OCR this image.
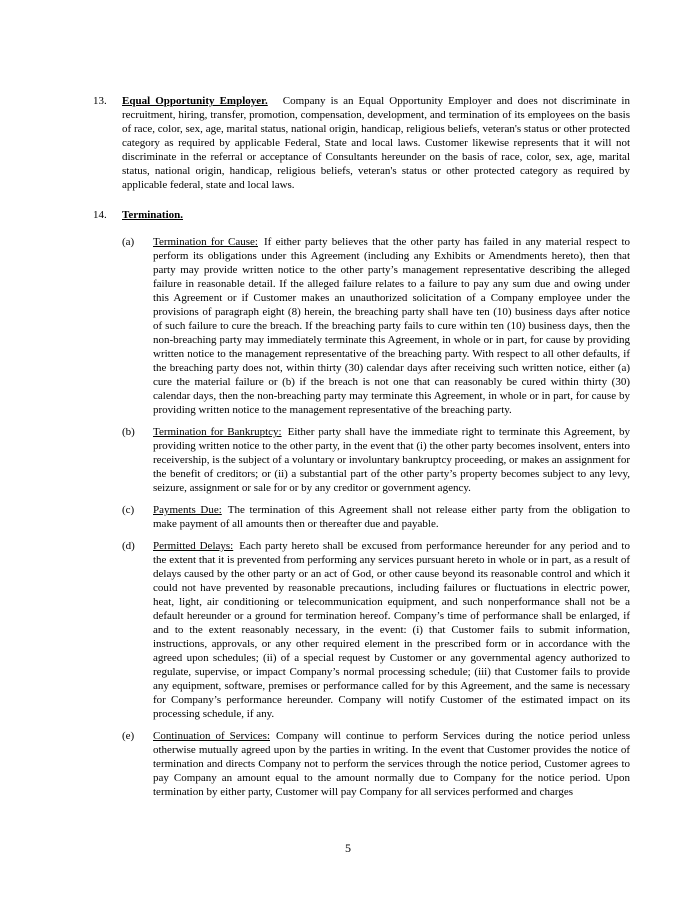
13.	Equal Opportunity Employer. Company is an Equal Opportunity Employer and does not discriminate in recruitment, hiring, transfer, promotion, compensation, development, and termination of its employees on the basis of race, color, sex, age, marital status, national origin, handicap, religious beliefs, veteran's status or other protected category as required by applicable Federal, State and local laws. Customer likewise represents that it will not discriminate in the referral or acceptance of Consultants hereunder on the basis of race, color, sex, age, marital status, national origin, handicap, religious beliefs, veteran's status or other protected category as required by applicable federal, state and local laws.
14.	Termination.
(a)	Termination for Cause: If either party believes that the other party has failed in any material respect to perform its obligations under this Agreement (including any Exhibits or Amendments hereto), then that party may provide written notice to the other party’s management representative describing the alleged failure in reasonable detail. If the alleged failure relates to a failure to pay any sum due and owing under this Agreement or if Customer makes an unauthorized solicitation of a Company employee under the provisions of paragraph eight (8) herein, the breaching party shall have ten (10) business days after notice of such failure to cure the breach. If the breaching party fails to cure within ten (10) business days, then the non-breaching party may immediately terminate this Agreement, in whole or in part, for cause by providing written notice to the management representative of the breaching party. With respect to all other defaults, if the breaching party does not, within thirty (30) calendar days after receiving such written notice, either (a) cure the material failure or (b) if the breach is not one that can reasonably be cured within thirty (30) calendar days, then the non-breaching party may terminate this Agreement, in whole or in part, for cause by providing written notice to the management representative of the breaching party.
(b)	Termination for Bankruptcy: Either party shall have the immediate right to terminate this Agreement, by providing written notice to the other party, in the event that (i) the other party becomes insolvent, enters into receivership, is the subject of a voluntary or involuntary bankruptcy proceeding, or makes an assignment for the benefit of creditors; or (ii) a substantial part of the other party’s property becomes subject to any levy, seizure, assignment or sale for or by any creditor or government agency.
(c)	Payments Due: The termination of this Agreement shall not release either party from the obligation to make payment of all amounts then or thereafter due and payable.
(d)	Permitted Delays: Each party hereto shall be excused from performance hereunder for any period and to the extent that it is prevented from performing any services pursuant hereto in whole or in part, as a result of delays caused by the other party or an act of God, or other cause beyond its reasonable control and which it could not have prevented by reasonable precautions, including failures or fluctuations in electric power, heat, light, air conditioning or telecommunication equipment, and such nonperformance shall not be a default hereunder or a ground for termination hereof. Company’s time of performance shall be enlarged, if and to the extent reasonably necessary, in the event: (i) that Customer fails to submit information, instructions, approvals, or any other required element in the prescribed form or in accordance with the agreed upon schedules; (ii) of a special request by Customer or any governmental agency authorized to regulate, supervise, or impact Company’s normal processing schedule; (iii) that Customer fails to provide any equipment, software, premises or performance called for by this Agreement, and the same is necessary for Company’s performance hereunder. Company will notify Customer of the estimated impact on its processing schedule, if any.
(e)	Continuation of Services: Company will continue to perform Services during the notice period unless otherwise mutually agreed upon by the parties in writing. In the event that Customer provides the notice of termination and directs Company not to perform the services through the notice period, Customer agrees to pay Company an amount equal to the amount normally due to Company for the notice period. Upon termination by either party, Customer will pay Company for all services performed and charges
5
